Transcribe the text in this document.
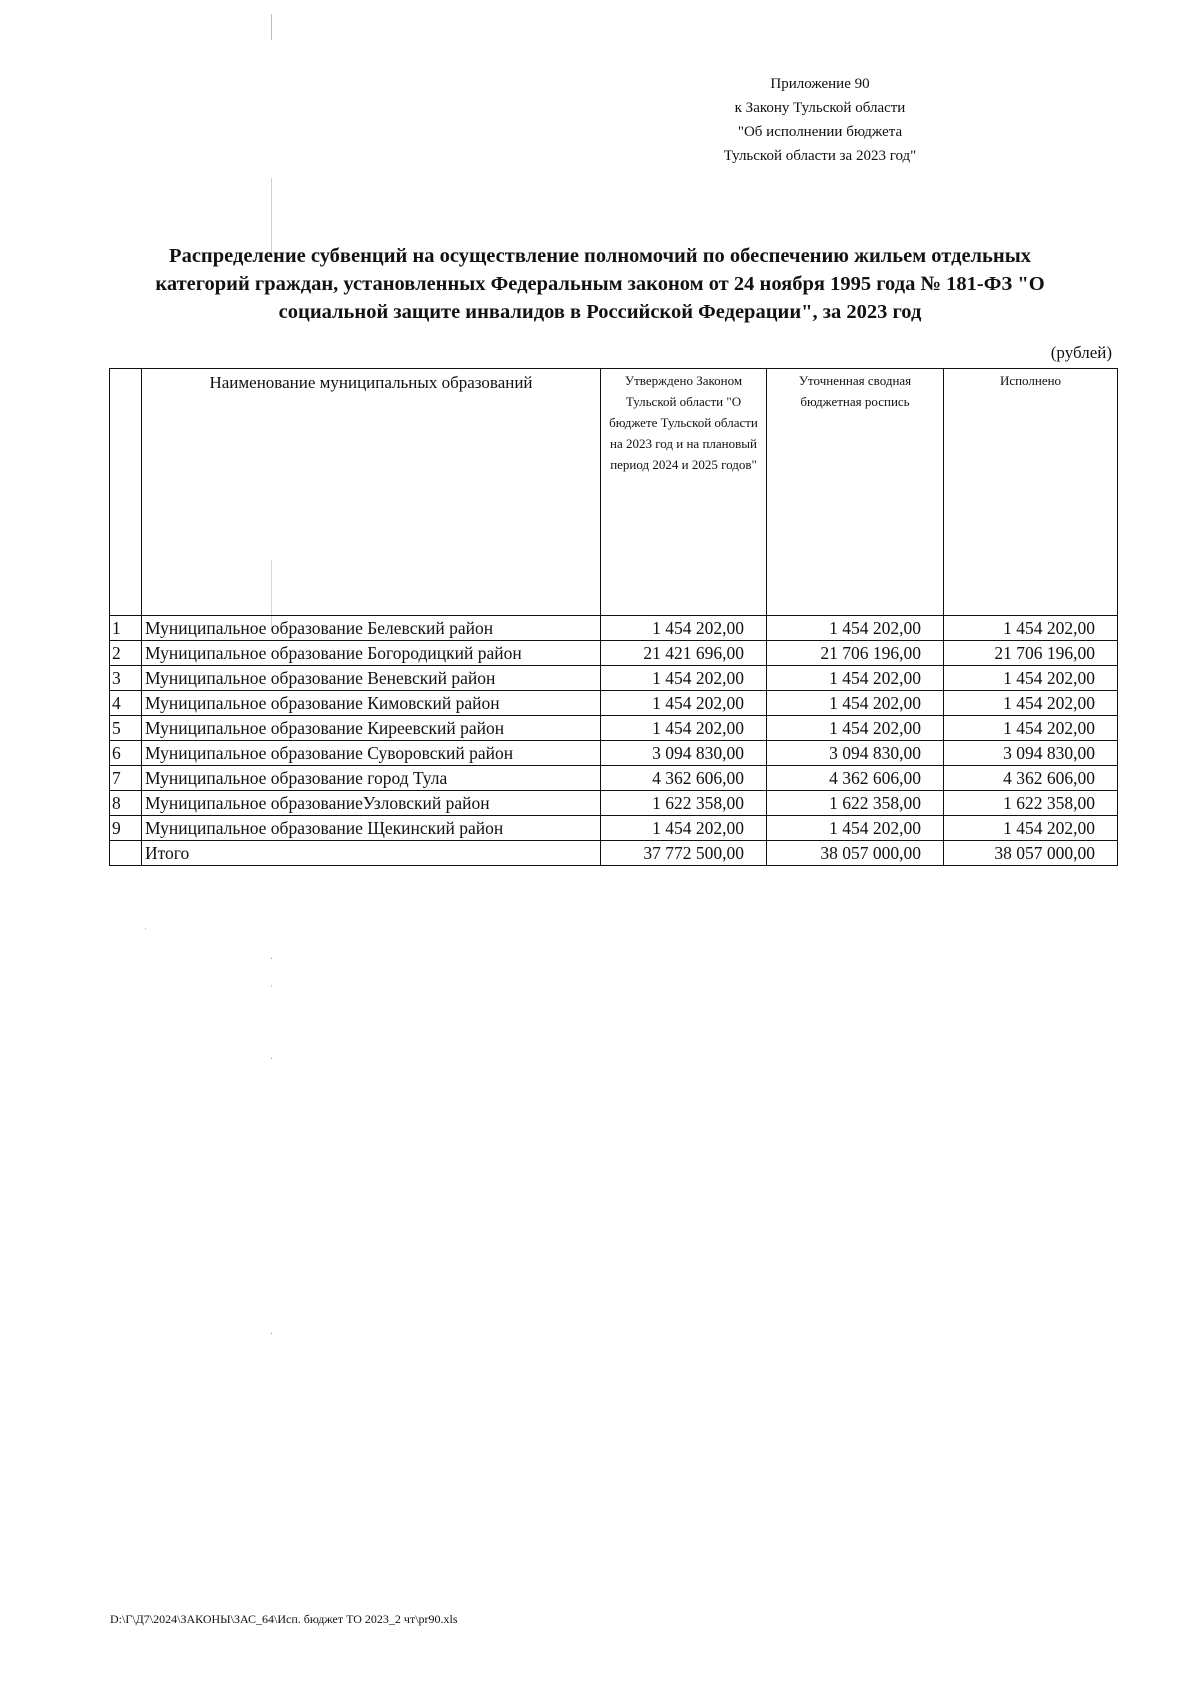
ˈ
·
ˈ
·
·
Приложение 90
к Закону Тульской области
"Об исполнении бюджета
Тульской области за 2023 год"
Распределение субвенций на осуществление полномочий по обеспечению жильем отдельных
категорий граждан, установленных Федеральным законом от 24 ноября 1995 года № 181-ФЗ "О
социальной защите инвалидов в Российской Федерации", за 2023 год
(рублей)
	Наименование муниципальных образований	Утверждено Законом Тульской области "О бюджете Тульской области на 2023 год и на плановый период 2024 и 2025 годов"	Уточненная сводная бюджетная роспись	Исполнено
1	Муниципальное образование Белевский район	1 454 202,00	1 454 202,00	1 454 202,00
2	Муниципальное образование Богородицкий район	21 421 696,00	21 706 196,00	21 706 196,00
3	Муниципальное образование Веневский район	1 454 202,00	1 454 202,00	1 454 202,00
4	Муниципальное образование Кимовский район	1 454 202,00	1 454 202,00	1 454 202,00
5	Муниципальное образование Киреевский район	1 454 202,00	1 454 202,00	1 454 202,00
6	Муниципальное образование Суворовский район	3 094 830,00	3 094 830,00	3 094 830,00
7	Муниципальное образование город Тула	4 362 606,00	4 362 606,00	4 362 606,00
8	Муниципальное образованиеУзловский район	1 622 358,00	1 622 358,00	1 622 358,00
9	Муниципальное образование Щекинский район	1 454 202,00	1 454 202,00	1 454 202,00
	Итого	37 772 500,00	38 057 000,00	38 057 000,00
D:\Г\Д7\2024\ЗАКОНЫ\ЗАС_64\Исп. бюджет ТО 2023_2 чт\pr90.xls
